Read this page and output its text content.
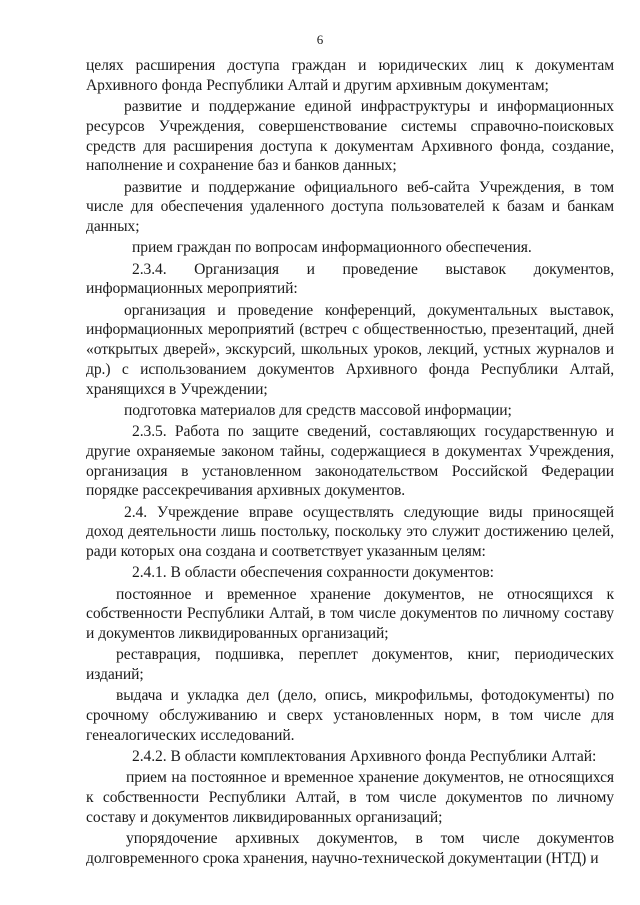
6

целях расширения доступа граждан и юридических лиц к документам Архивного фонда Республики Алтай и другим архивным документам;

развитие и поддержание единой инфраструктуры и информационных ресурсов Учреждения, совершенствование системы справочно-поисковых средств для расширения доступа к документам Архивного фонда, создание, наполнение и сохранение баз и банков данных;

развитие и поддержание официального веб-сайта Учреждения, в том числе для обеспечения удаленного доступа пользователей к базам и банкам данных;

прием граждан по вопросам информационного обеспечения.

2.3.4. Организация и проведение выставок документов, информационных мероприятий:

организация и проведение конференций, документальных выставок, информационных мероприятий (встреч с общественностью, презентаций, дней «открытых дверей», экскурсий, школьных уроков, лекций, устных журналов и др.) с использованием документов Архивного фонда Республики Алтай, хранящихся в Учреждении;

подготовка материалов для средств массовой информации;

2.3.5. Работа по защите сведений, составляющих государственную и другие охраняемые законом тайны, содержащиеся в документах Учреждения, организация в установленном законодательством Российской Федерации порядке рассекречивания архивных документов.

2.4. Учреждение вправе осуществлять следующие виды приносящей доход деятельности лишь постольку, поскольку это служит достижению целей, ради которых она создана и соответствует указанным целям:

2.4.1. В области обеспечения сохранности документов:

постоянное и временное хранение документов, не относящихся к собственности Республики Алтай, в том числе документов по личному составу и документов ликвидированных организаций;

реставрация, подшивка, переплет документов, книг, периодических изданий;

выдача и укладка дел (дело, опись, микрофильмы, фотодокументы) по срочному обслуживанию и сверх установленных норм, в том числе для генеалогических исследований.

2.4.2. В области комплектования Архивного фонда Республики Алтай:

прием на постоянное и временное хранение документов, не относящихся к собственности Республики Алтай, в том числе документов по личному составу и документов ликвидированных организаций;

упорядочение архивных документов, в том числе документов долговременного срока хранения, научно-технической документации (НТД) и
